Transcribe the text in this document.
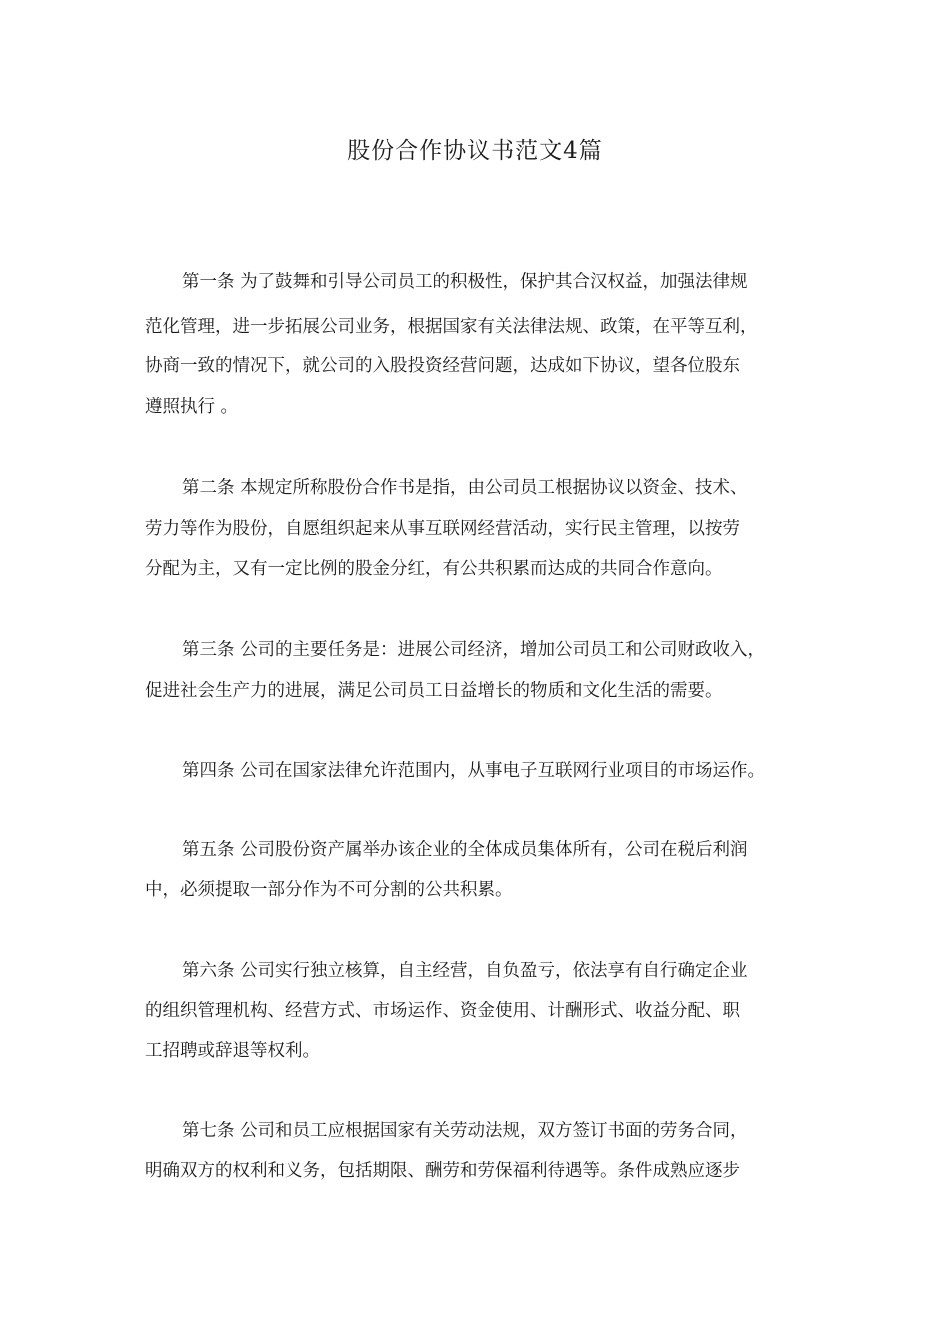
股份合作协议书范文4篇
第一条 为了鼓舞和引导公司员工的积极性，保护其合汉权益，加强法律规
范化管理，进一步拓展公司业务，根据国家有关法律法规、政策，在平等互利，
协商一致的情况下，就公司的入股投资经营问题，达成如下协议，望各位股东
遵照执行 。
第二条 本规定所称股份合作书是指，由公司员工根据协议以资金、技术、
劳力等作为股份，自愿组织起来从事互联网经营活动，实行民主管理，以按劳
分配为主，又有一定比例的股金分红，有公共积累而达成的共同合作意向。
第三条 公司的主要任务是：进展公司经济，增加公司员工和公司财政收入，
促进社会生产力的进展，满足公司员工日益增长的物质和文化生活的需要。
第四条 公司在国家法律允许范围内，从事电子互联网行业项目的市场运作。
第五条 公司股份资产属举办该企业的全体成员集体所有，公司在税后利润
中，必须提取一部分作为不可分割的公共积累。
第六条 公司实行独立核算，自主经营，自负盈亏，依法享有自行确定企业
的组织管理机构、经营方式、市场运作、资金使用、计酬形式、收益分配、职
工招聘或辞退等权利。
第七条 公司和员工应根据国家有关劳动法规，双方签订书面的劳务合同，
明确双方的权利和义务，包括期限、酬劳和劳保福利待遇等。条件成熟应逐步
